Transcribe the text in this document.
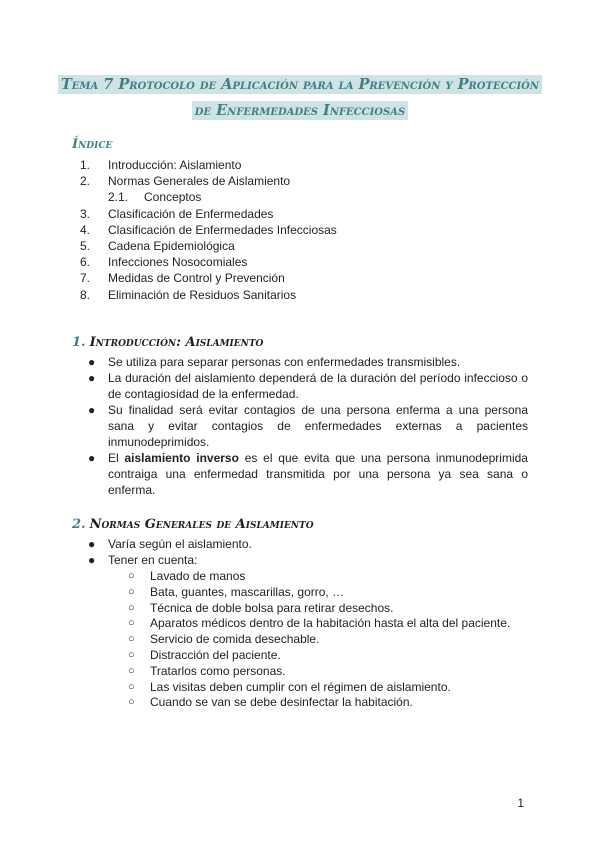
Tema 7 Protocolo de Aplicación para la Prevención y Protección
de Enfermedades Infecciosas
Índice
1. Introducción: Aislamiento
2. Normas Generales de Aislamiento
2.1. Conceptos
3. Clasificación de Enfermedades
4. Clasificación de Enfermedades Infecciosas
5. Cadena Epidemiológica
6. Infecciones Nosocomiales
7. Medidas de Control y Prevención
8. Eliminación de Residuos Sanitarios
1. Introducción: Aislamiento
● Se utiliza para separar personas con enfermedades transmisibles.
● La duración del aislamiento dependerá de la duración del período infeccioso o de contagiosidad de la enfermedad.
● Su finalidad será evitar contagios de una persona enferma a una persona sana y evitar contagios de enfermedades externas a pacientes inmunodeprimidos.
● El aislamiento inverso es el que evita que una persona inmunodeprimida contraiga una enfermedad transmitida por una persona ya sea sana o enferma.
2. Normas Generales de Aislamiento
● Varía según el aislamiento.
● Tener en cuenta:
○ Lavado de manos
○ Bata, guantes, mascarillas, gorro, …
○ Técnica de doble bolsa para retirar desechos.
○ Aparatos médicos dentro de la habitación hasta el alta del paciente.
○ Servicio de comida desechable.
○ Distracción del paciente.
○ Tratarlos como personas.
○ Las visitas deben cumplir con el régimen de aislamiento.
○ Cuando se van se debe desinfectar la habitación.
1
